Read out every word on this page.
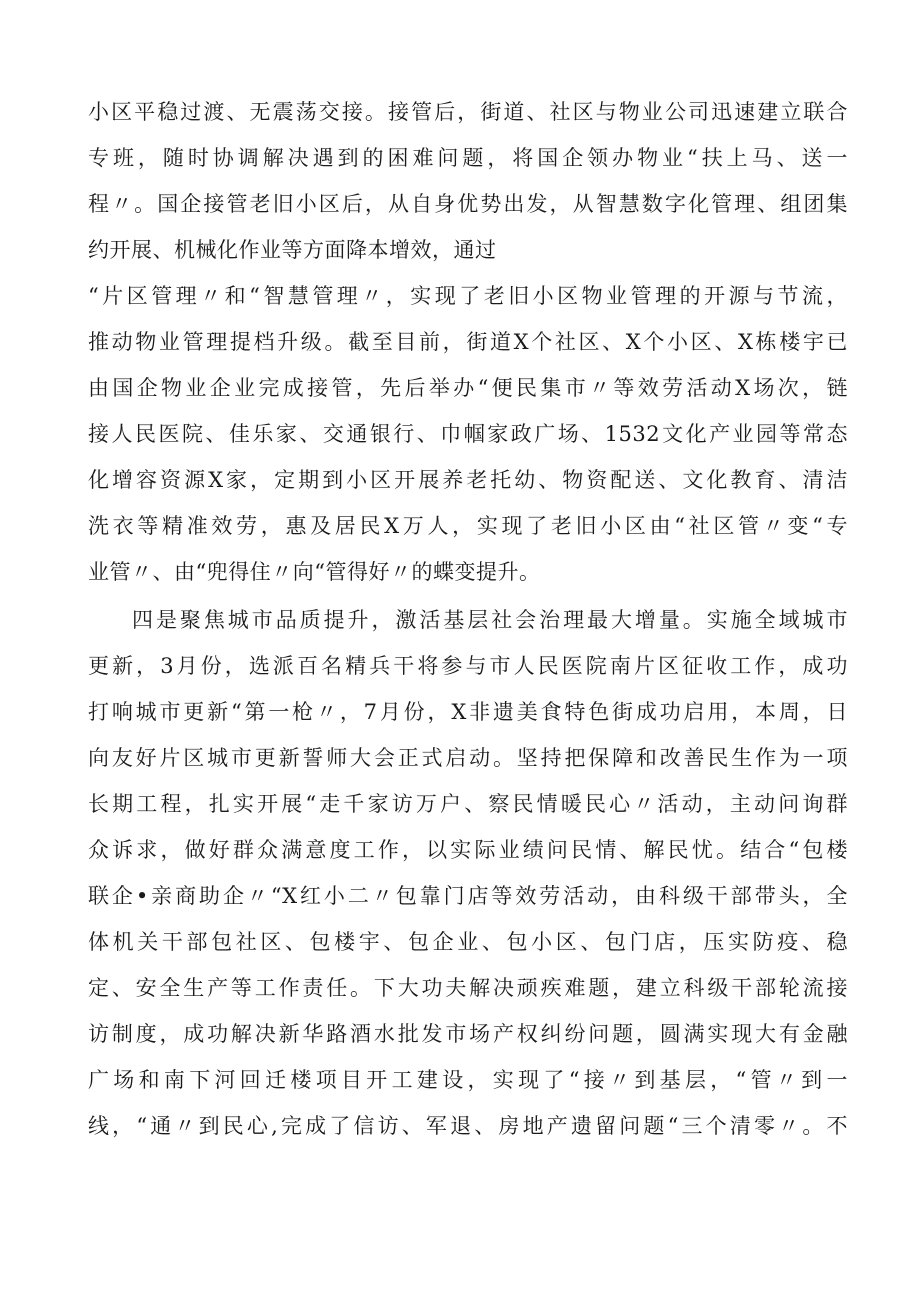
小区平稳过渡、无震荡交接。接管后，街道、社区与物业公司迅速建立联合
专班，随时协调解决遇到的困难问题，将国企领办物业“扶上马、送一
程〃。国企接管老旧小区后，从自身优势出发，从智慧数字化管理、组团集
约开展、机械化作业等方面降本增效，通过
“片区管理〃和“智慧管理〃，实现了老旧小区物业管理的开源与节流，
推动物业管理提档升级。截至目前，街道X个社区、X个小区、X栋楼宇已
由国企物业企业完成接管，先后举办“便民集市〃等效劳活动X场次，链
接人民医院、佳乐家、交通银行、巾帼家政广场、1532文化产业园等常态
化增容资源X家，定期到小区开展养老托幼、物资配送、文化教育、清洁
洗衣等精准效劳，惠及居民X万人，实现了老旧小区由“社区管〃变“专
业管〃、由“兜得住〃向“管得好〃的蝶变提升。
四是聚焦城市品质提升，激活基层社会治理最大增量。实施全域城市
更新，3月份，选派百名精兵干将参与市人民医院南片区征收工作，成功
打响城市更新“第一枪〃，7月份，X非遗美食特色街成功启用，本周，日
向友好片区城市更新誓师大会正式启动。坚持把保障和改善民生作为一项
长期工程，扎实开展“走千家访万户、察民情暖民心〃活动，主动问询群
众诉求，做好群众满意度工作，以实际业绩问民情、解民忧。结合“包楼
联企•亲商助企〃“X红小二〃包靠门店等效劳活动，由科级干部带头，全
体机关干部包社区、包楼宇、包企业、包小区、包门店，压实防疫、稳
定、安全生产等工作责任。下大功夫解决顽疾难题，建立科级干部轮流接
访制度，成功解决新华路酒水批发市场产权纠纷问题，圆满实现大有金融
广场和南下河回迁楼项目开工建设，实现了“接〃到基层，“管〃到一
线，“通〃到民心,完成了信访、军退、房地产遗留问题“三个清零〃。不
